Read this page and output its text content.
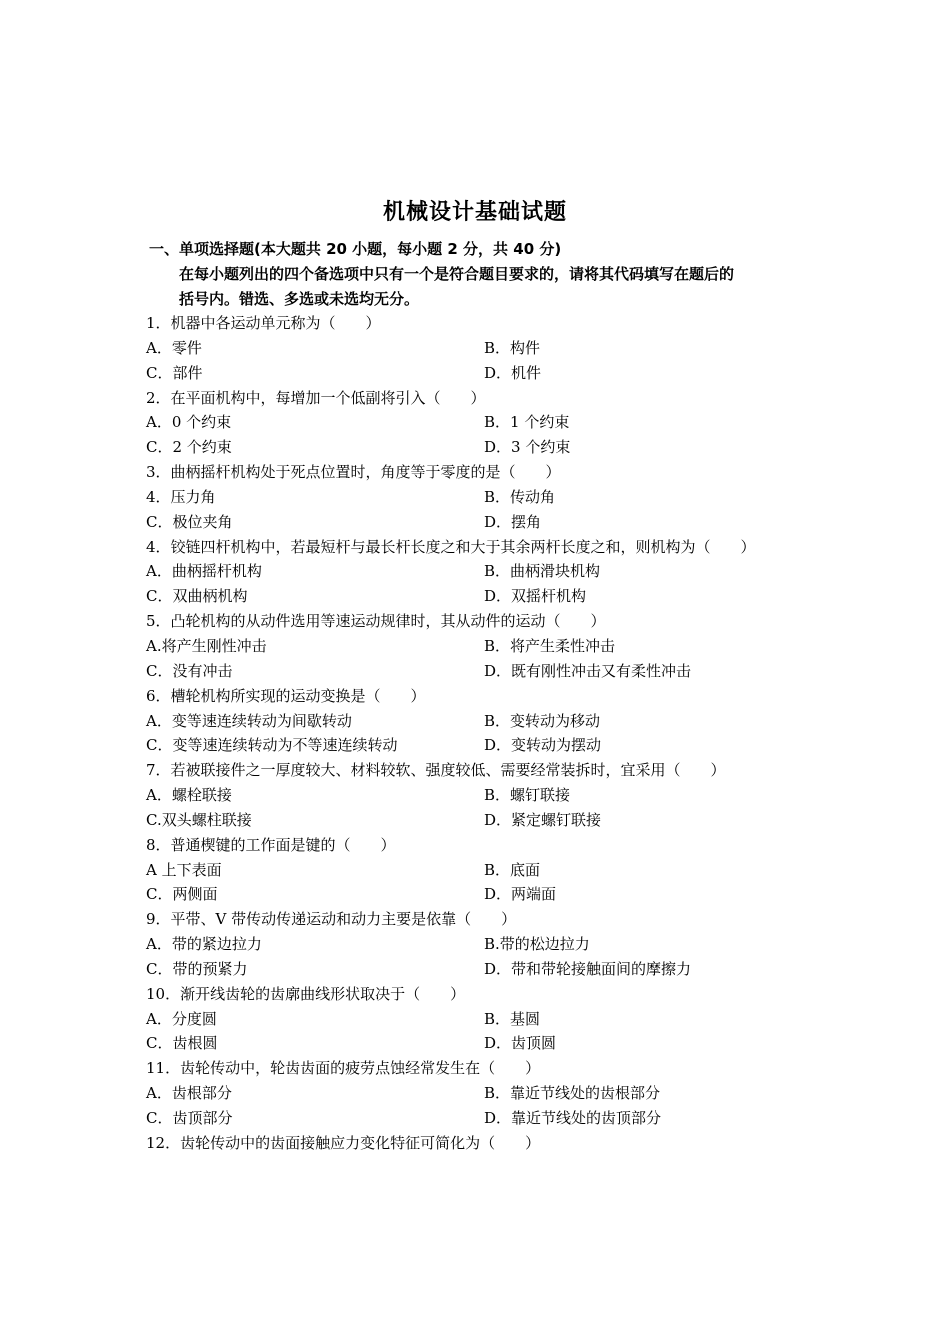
机械设计基础试题
一、单项选择题(本大题共 20 小题，每小题 2 分，共 40 分)
在每小题列出的四个备选项中只有一个是符合题目要求的，请将其代码填写在题后的
括号内。错选、多选或未选均无分。
1．机器中各运动单元称为（　　）
A．零件	B．构件
C．部件	D．机件
2．在平面机构中，每增加一个低副将引入（　　）
A．0 个约束	B．1 个约束
C．2 个约束	D．3 个约束
3．曲柄摇杆机构处于死点位置时，角度等于零度的是（　　）
4．压力角	B．传动角
C．极位夹角	D．摆角
4．铰链四杆机构中，若最短杆与最长杆长度之和大于其余两杆长度之和，则机构为（　　）
A．曲柄摇杆机构	B．曲柄滑块机构
C．双曲柄机构	D．双摇杆机构
5．凸轮机构的从动件选用等速运动规律时，其从动件的运动（　　）
A.将产生刚性冲击	B．将产生柔性冲击
C．没有冲击	D．既有刚性冲击又有柔性冲击
6．槽轮机构所实现的运动变换是（　　）
A．变等速连续转动为间歇转动	B．变转动为移动
C．变等速连续转动为不等速连续转动	D．变转动为摆动
7．若被联接件之一厚度较大、材料较软、强度较低、需要经常装拆时，宜采用（　　）
A．螺栓联接	B．螺钉联接
C.双头螺柱联接	D．紧定螺钉联接
8．普通楔键的工作面是键的（　　）
A 上下表面	B．底面
C．两侧面	D．两端面
9．平带、V 带传动传递运动和动力主要是依靠（　　）
A．带的紧边拉力	B.带的松边拉力
C．带的预紧力	D．带和带轮接触面间的摩擦力
10．渐开线齿轮的齿廓曲线形状取决于（　　）
A．分度圆	B．基圆
C．齿根圆	D．齿顶圆
11．齿轮传动中，轮齿齿面的疲劳点蚀经常发生在（　　）
A．齿根部分	B．靠近节线处的齿根部分
C．齿顶部分	D．靠近节线处的齿顶部分
12．齿轮传动中的齿面接触应力变化特征可简化为（　　）
